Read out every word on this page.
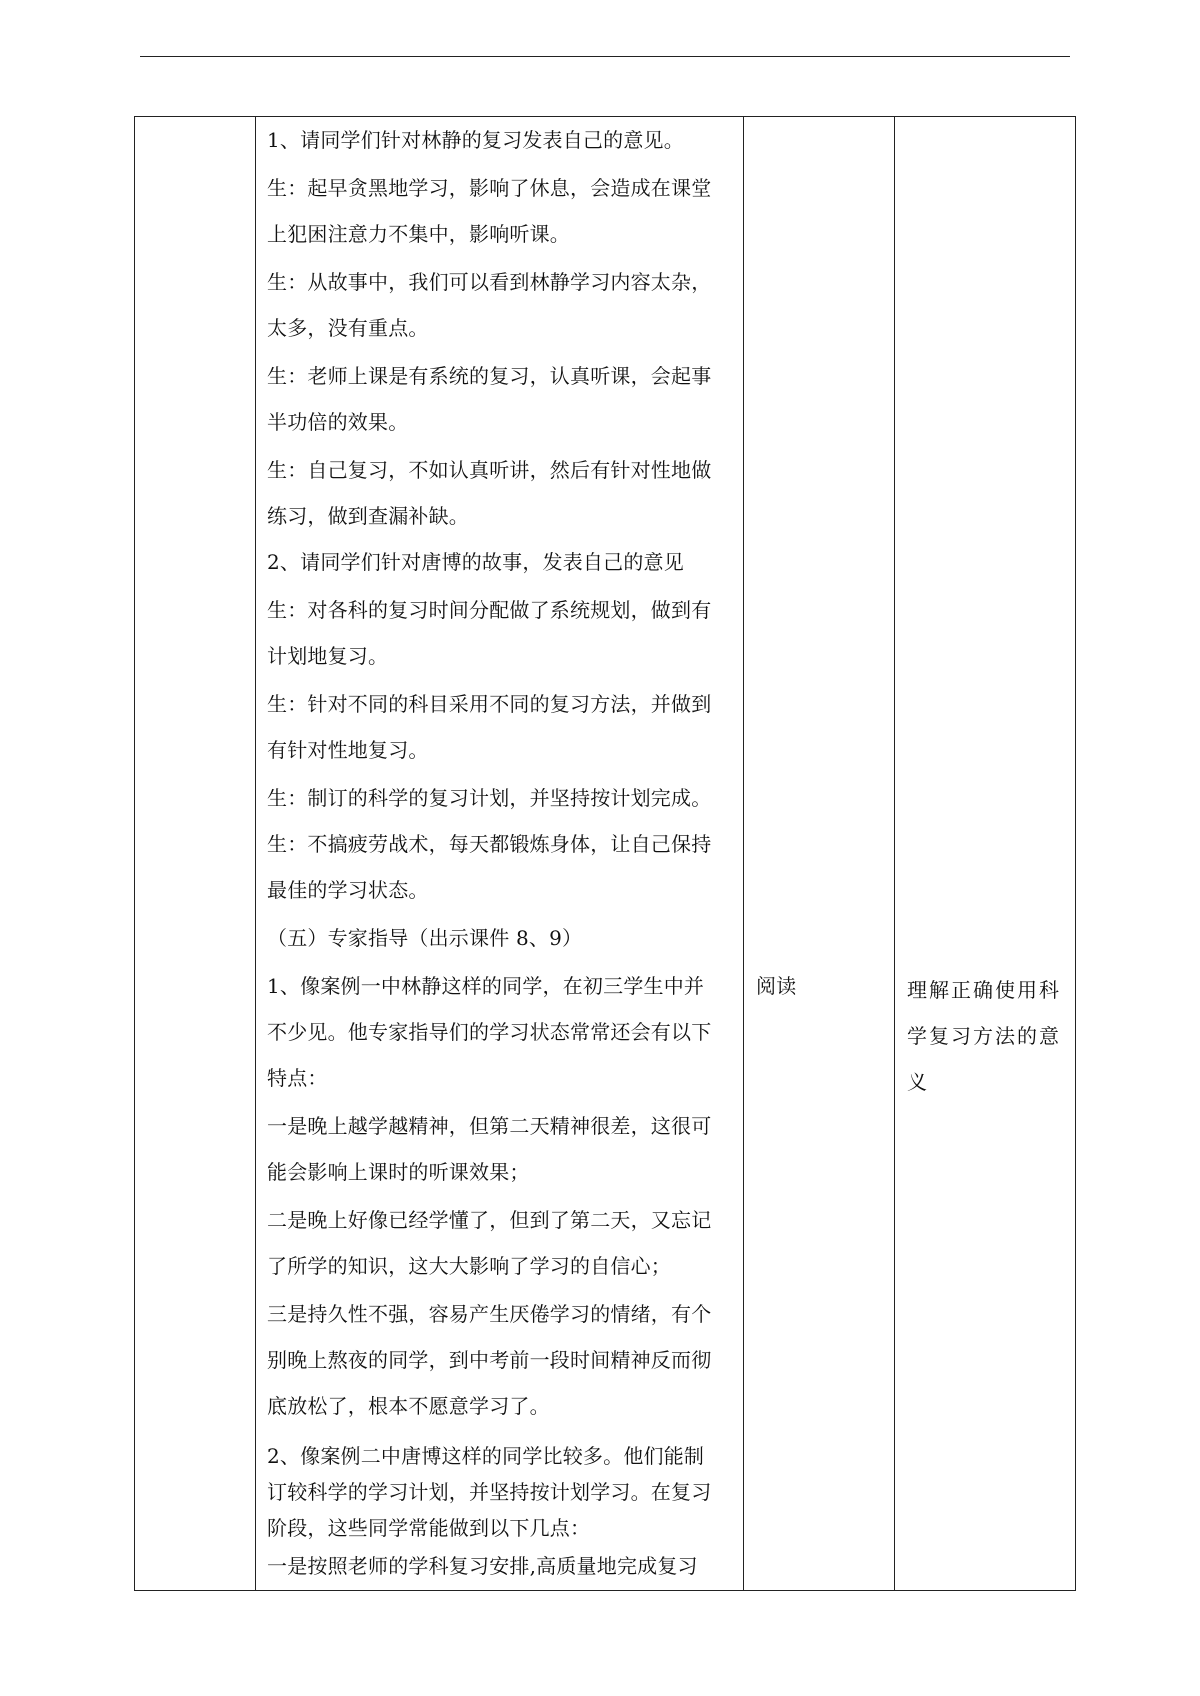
1、请同学们针对林静的复习发表自己的意见。

生：起早贪黑地学习，影响了休息，会造成在课堂

上犯困注意力不集中，影响听课。

生：从故事中，我们可以看到林静学习内容太杂，

太多，没有重点。

生：老师上课是有系统的复习，认真听课，会起事

半功倍的效果。

生：自己复习，不如认真听讲，然后有针对性地做

练习，做到查漏补缺。

2、请同学们针对唐博的故事，发表自己的意见

生：对各科的复习时间分配做了系统规划，做到有

计划地复习。

生：针对不同的科目采用不同的复习方法，并做到

有针对性地复习。

生：制订的科学的复习计划，并坚持按计划完成。

生：不搞疲劳战术，每天都锻炼身体，让自己保持

最佳的学习状态。

（五）专家指导（出示课件 8、9）

1、像案例一中林静这样的同学，在初三学生中并

不少见。他专家指导们的学习状态常常还会有以下

特点：

一是晚上越学越精神，但第二天精神很差，这很可

能会影响上课时的听课效果；

二是晚上好像已经学懂了，但到了第二天，又忘记

了所学的知识，这大大影响了学习的自信心；

三是持久性不强，容易产生厌倦学习的情绪，有个

别晚上熬夜的同学，到中考前一段时间精神反而彻

底放松了，根本不愿意学习了。

2、像案例二中唐博这样的同学比较多。他们能制

订较科学的学习计划，并坚持按计划学习。在复习

阶段，这些同学常能做到以下几点：

一是按照老师的学科复习安排,高质量地完成复习

阅读	理解正确使用科

学复习方法的意

义
